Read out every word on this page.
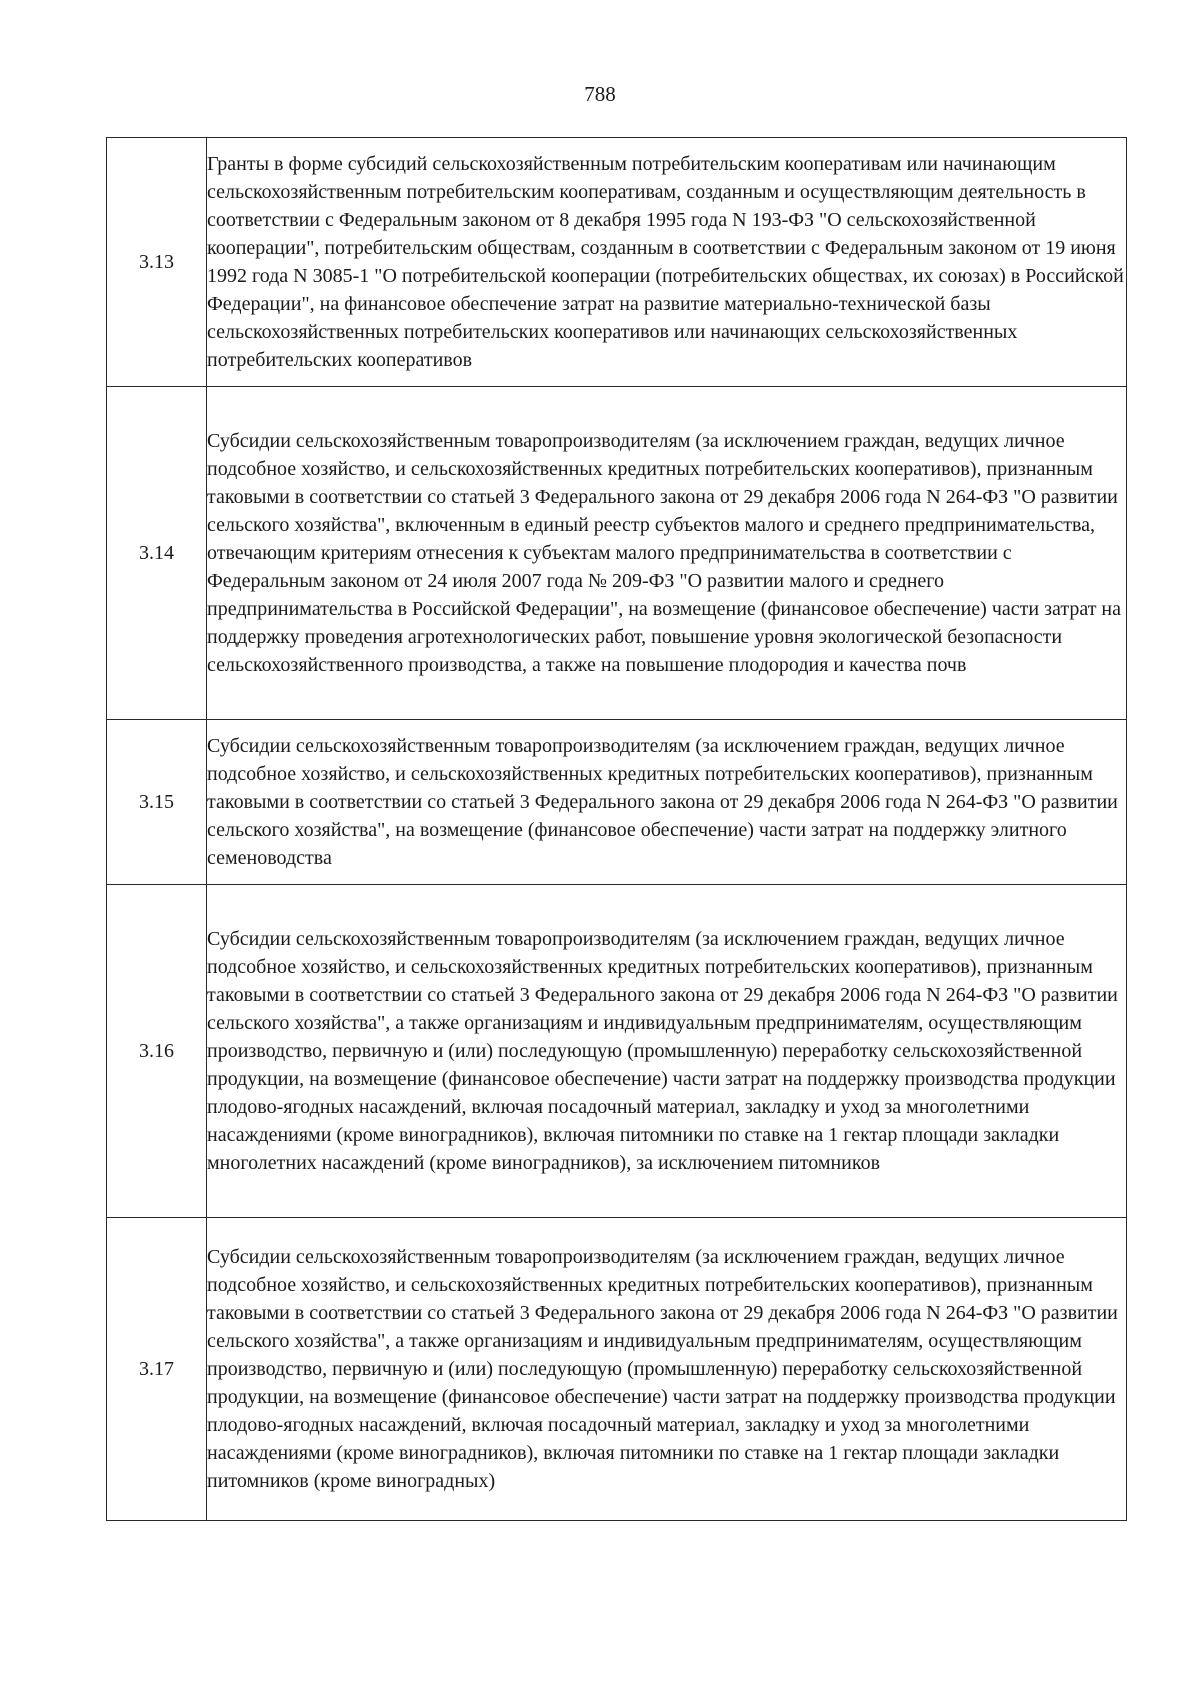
788
3.13	Гранты в форме субсидий сельскохозяйственным потребительским кооперативам или начинающим сельскохозяйственным потребительским кооперативам, созданным и осуществляющим деятельность в соответствии с Федеральным законом от 8 декабря 1995 года N 193-ФЗ "О сельскохозяйственной кооперации", потребительским обществам, созданным в соответствии с Федеральным законом от 19 июня 1992 года N 3085-1 "О потребительской кооперации (потребительских обществах, их союзах) в Российской Федерации", на финансовое обеспечение затрат на развитие материально-технической базы сельскохозяйственных потребительских кооперативов или начинающих сельскохозяйственных потребительских кооперативов
3.14	Субсидии сельскохозяйственным товаропроизводителям (за исключением граждан, ведущих личное подсобное хозяйство, и сельскохозяйственных кредитных потребительских кооперативов), признанным таковыми в соответствии со статьей 3 Федерального закона от 29 декабря 2006 года N 264-ФЗ "О развитии сельского хозяйства", включенным в единый реестр субъектов малого и среднего предпринимательства, отвечающим критериям отнесения к субъектам малого предпринимательства в соответствии с Федеральным законом от 24 июля 2007 года № 209-ФЗ "О развитии малого и среднего предпринимательства в Российской Федерации", на возмещение (финансовое обеспечение) части затрат на поддержку проведения агротехнологических работ, повышение уровня экологической безопасности сельскохозяйственного производства, а также на повышение плодородия и качества почв
3.15	Субсидии сельскохозяйственным товаропроизводителям (за исключением граждан, ведущих личное подсобное хозяйство, и сельскохозяйственных кредитных потребительских кооперативов), признанным таковыми в соответствии со статьей 3 Федерального закона от 29 декабря 2006 года N 264-ФЗ "О развитии сельского хозяйства", на возмещение (финансовое обеспечение) части затрат на поддержку элитного семеноводства
3.16	Субсидии сельскохозяйственным товаропроизводителям (за исключением граждан, ведущих личное подсобное хозяйство, и сельскохозяйственных кредитных потребительских кооперативов), признанным таковыми в соответствии со статьей 3 Федерального закона от 29 декабря 2006 года N 264-ФЗ "О развитии сельского хозяйства", а также организациям и индивидуальным предпринимателям, осуществляющим производство, первичную и (или) последующую (промышленную) переработку сельскохозяйственной продукции, на возмещение (финансовое обеспечение) части затрат на поддержку производства продукции плодово-ягодных насаждений, включая посадочный материал, закладку и уход за многолетними насаждениями (кроме виноградников), включая питомники по ставке на 1 гектар площади закладки многолетних насаждений (кроме виноградников), за исключением питомников
3.17	Субсидии сельскохозяйственным товаропроизводителям (за исключением граждан, ведущих личное подсобное хозяйство, и сельскохозяйственных кредитных потребительских кооперативов), признанным таковыми в соответствии со статьей 3 Федерального закона от 29 декабря 2006 года N 264-ФЗ "О развитии сельского хозяйства", а также организациям и индивидуальным предпринимателям, осуществляющим производство, первичную и (или) последующую (промышленную) переработку сельскохозяйственной продукции, на возмещение (финансовое обеспечение) части затрат на поддержку производства продукции плодово-ягодных насаждений, включая посадочный материал, закладку и уход за многолетними насаждениями (кроме виноградников), включая питомники по ставке на 1 гектар площади закладки питомников (кроме виноградных)
